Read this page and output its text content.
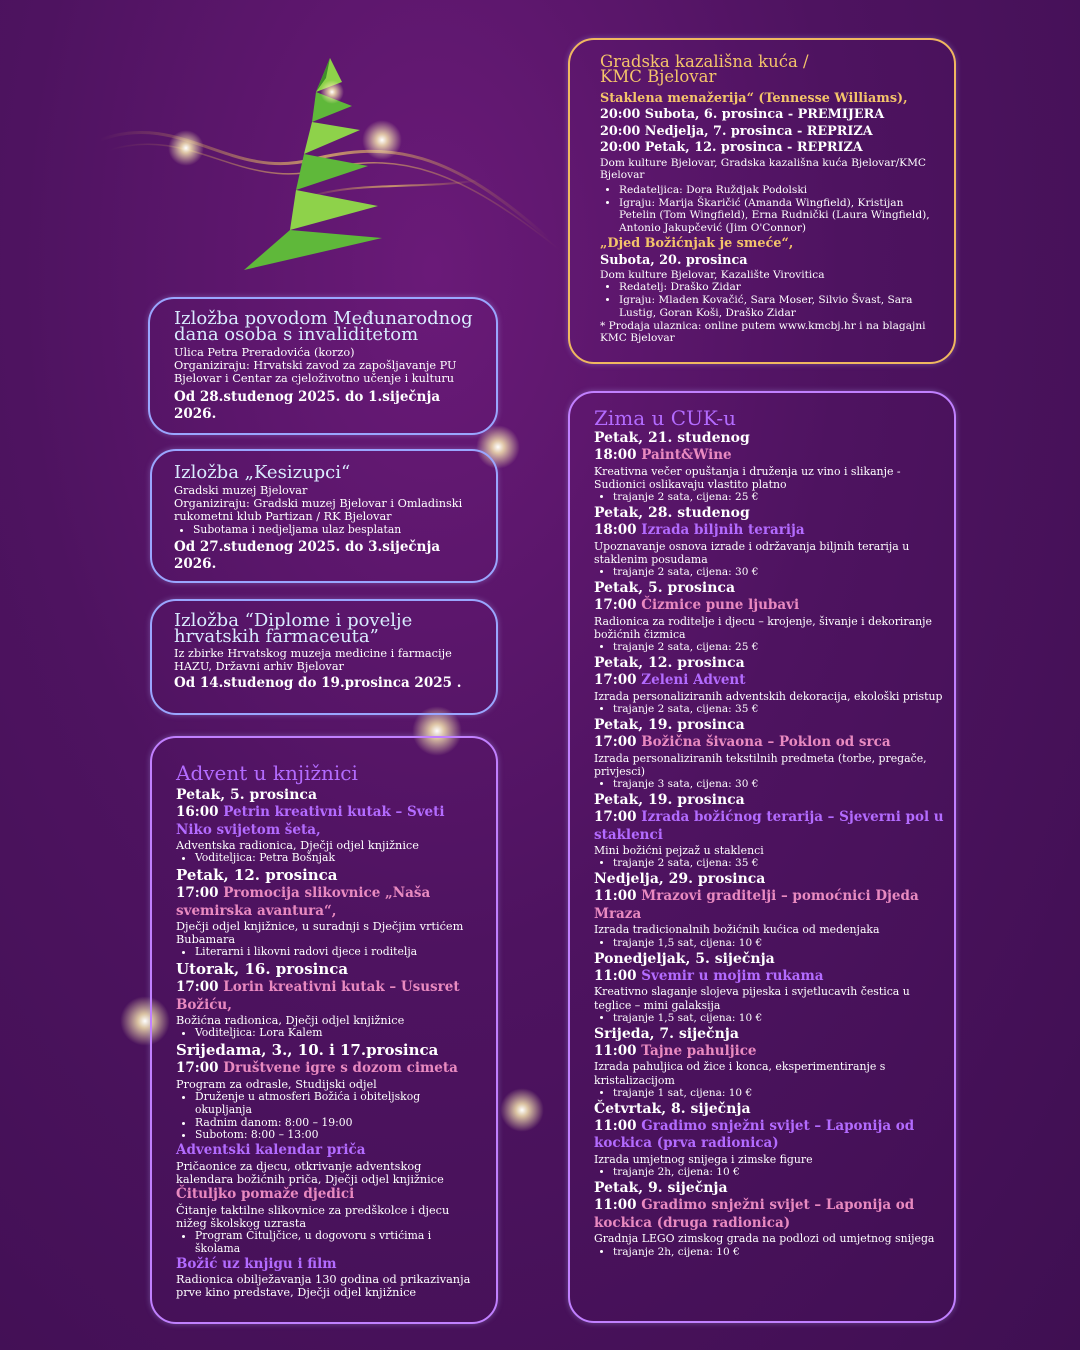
Gradska kazališna kuća /

KMC Bjelovar

Staklena menažerija“ (Tennesse Williams),

20:00 Subota, 6. prosinca - PREMIJERA

20:00 Nedjelja, 7. prosinca - REPRIZA

20:00 Petak, 12. prosinca - REPRIZA

Dom kulture Bjelovar, Gradska kazališna kuća Bjelovar/KMC Bjelovar

• Redateljica: Dora Ruždjak Podolski
• Igraju: Marija Škaričić (Amanda Wingfield), Kristijan Petelin (Tom Wingfield), Erna Rudnički (Laura Wingfield), Antonio Jakupčević (Jim O'Connor)

„Djed Božićnjak je smeće“,

Subota, 20. prosinca

Dom kulture Bjelovar, Kazalište Virovitica

• Redatelj: Draško Zidar
• Igraju: Mladen Kovačić, Sara Moser, Silvio Švast, Sara Lustig, Goran Koši, Draško Zidar

* Prodaja ulaznica: online putem www.kmcbj.hr i na blagajni KMC Bjelovar

Izložba povodom Međunarodnog dana osoba s invaliditetom

Ulica Petra Preradovića (korzo)

Organiziraju: Hrvatski zavod za zapošljavanje PU Bjelovar i Centar za cjeloživotno učenje i kulturu

Od 28.studenog 2025. do 1.siječnja 2026.

Izložba „Kesizupci“

Gradski muzej Bjelovar

Organiziraju: Gradski muzej Bjelovar i Omladinski rukometni klub Partizan / RK Bjelovar

• Subotama i nedjeljama ulaz besplatan

Od 27.studenog 2025. do 3.siječnja 2026.

Izložba “Diplome i povelje hrvatskih farmaceuta”

Iz zbirke Hrvatskog muzeja medicine i farmacije HAZU, Državni arhiv Bjelovar

Od 14.studenog do 19.prosinca 2025 .

Advent u knjižnici

Petak, 5. prosinca

16:00 Petrin kreativni kutak – Sveti Niko svijetom šeta,

Adventska radionica, Dječji odjel knjižnice

• Voditeljica: Petra Bošnjak

Petak, 12. prosinca

17:00 Promocija slikovnice „Naša svemirska avantura“,

Dječji odjel knjižnice, u suradnji s Dječjim vrtićem Bubamara

• Literarni i likovni radovi djece i roditelja

Utorak, 16. prosinca

17:00 Lorin kreativni kutak – Ususret Božiću,

Božićna radionica, Dječji odjel knjižnice

• Voditeljica: Lora Kalem

Srijedama, 3., 10. i 17.prosinca

17:00 Društvene igre s dozom cimeta

Program za odrasle, Studijski odjel

• Druženje u atmosferi Božića i obiteljskog okupljanja
• Radnim danom: 8:00 – 19:00
• Subotom: 8:00 – 13:00

Adventski kalendar priča

Pričaonice za djecu, otkrivanje adventskog kalendara božićnih priča, Dječji odjel knjižnice

Čituljko pomaže djedici

Čitanje taktilne slikovnice za predškolce i djecu nižeg školskog uzrasta

• Program Čituljčice, u dogovoru s vrtićima i školama

Božić uz knjigu i film

Radionica obilježavanja 130 godina od prikazivanja prve kino predstave, Dječji odjel knjižnice

Zima u CUK-u

Petak, 21. studenog

18:00 Paint&Wine

Kreativna večer opuštanja i druženja uz vino i slikanje - Sudionici oslikavaju vlastito platno

• trajanje 2 sata, cijena: 25 €

Petak, 28. studenog

18:00 Izrada biljnih terarija

Upoznavanje osnova izrade i održavanja biljnih terarija u staklenim posudama

• trajanje 2 sata, cijena: 30 €

Petak, 5. prosinca

17:00 Čizmice pune ljubavi

Radionica za roditelje i djecu – krojenje, šivanje i dekoriranje božićnih čizmica

• trajanje 2 sata, cijena: 25 €

Petak, 12. prosinca

17:00 Zeleni Advent

Izrada personaliziranih adventskih dekoracija, ekološki pristup

• trajanje 2 sata, cijena: 35 €

Petak, 19. prosinca

17:00 Božična šivaona – Poklon od srca

Izrada personaliziranih tekstilnih predmeta (torbe, pregače, privjesci)

• trajanje 3 sata, cijena: 30 €

Petak, 19. prosinca

17:00 Izrada božićnog terarija – Sjeverni pol u staklenci

Mini božićni pejzaž u staklenci

• trajanje 2 sata, cijena: 35 €

Nedjelja, 29. prosinca

11:00 Mrazovi graditelji – pomoćnici Djeda Mraza

Izrada tradicionalnih božićnih kućica od medenjaka

• trajanje 1,5 sat, cijena: 10 €

Ponedjeljak, 5. siječnja

11:00 Svemir u mojim rukama

Kreativno slaganje slojeva pijeska i svjetlucavih čestica u teglice – mini galaksija

• trajanje 1,5 sat, cijena: 10 €

Srijeda, 7. siječnja

11:00 Tajne pahuljice

Izrada pahuljica od žice i konca, eksperimentiranje s kristalizacijom

• trajanje 1 sat, cijena: 10 €

Četvrtak, 8. siječnja

11:00 Gradimo snježni svijet – Laponija od kockica (prva radionica)

Izrada umjetnog snijega i zimske figure

• trajanje 2h, cijena: 10 €

Petak, 9. siječnja

11:00 Gradimo snježni svijet – Laponija od kockica (druga radionica)

Gradnja LEGO zimskog grada na podlozi od umjetnog snijega

• trajanje 2h, cijena: 10 €
